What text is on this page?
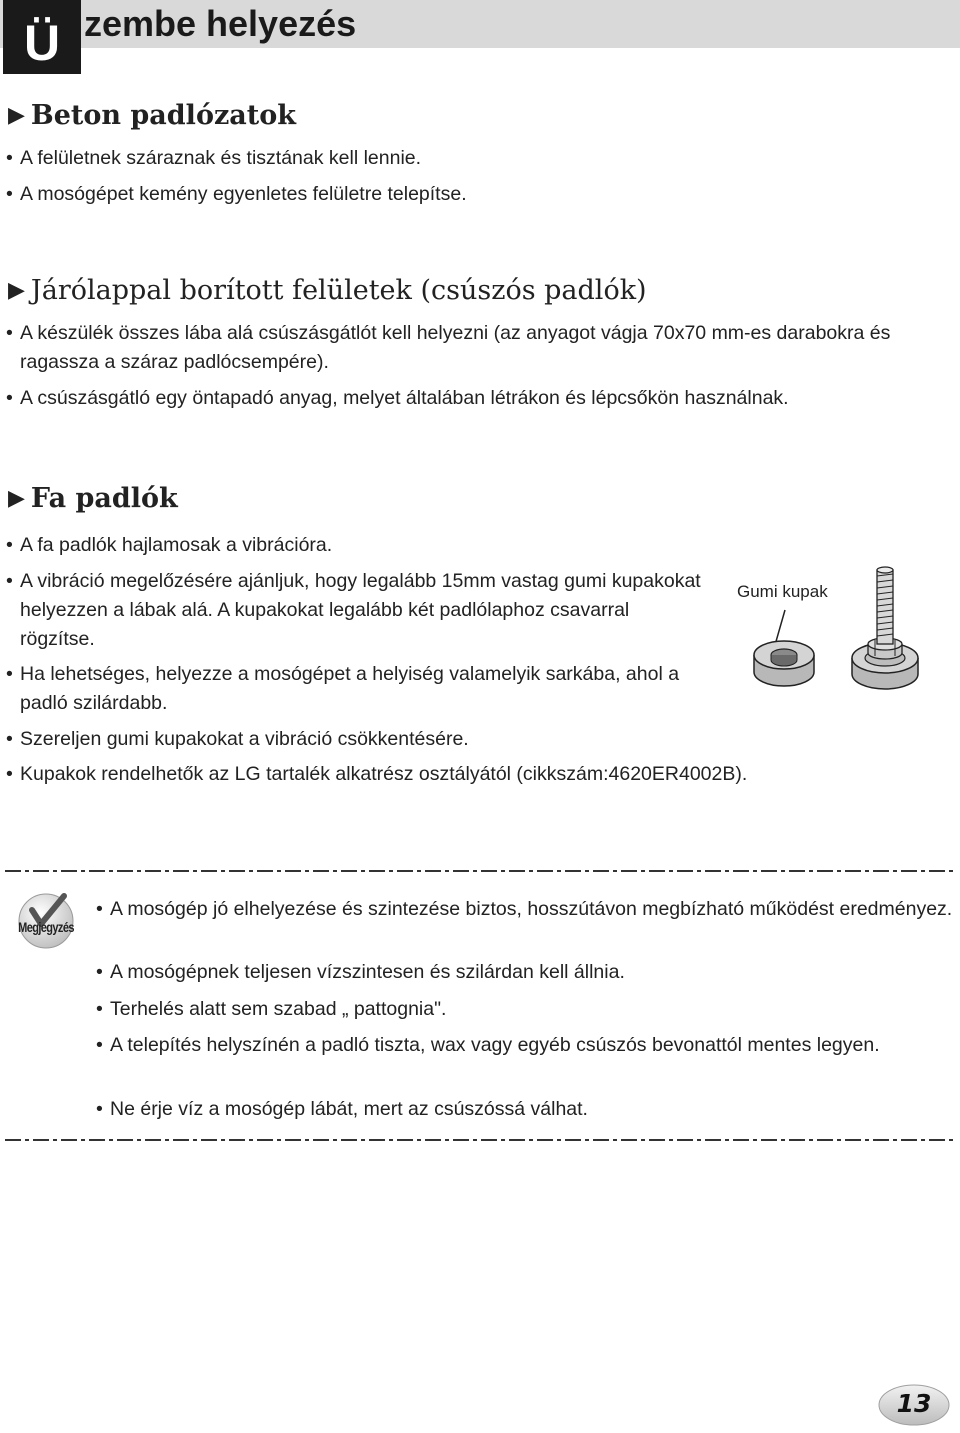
Ü zembe helyezés
▶ Beton padlózatok
• A felületnek száraznak és tisztának kell lennie.
• A mosógépet kemény egyenletes felületre telepítse.
▶ Járólappal borított felületek (csúszós padlók)
• A készülék összes lába alá csúszásgátlót kell helyezni (az anyagot vágja 70x70 mm-es darabokra és ragassza a száraz padlócsempére).
• A csúszásgátló egy öntapadó anyag, melyet általában létrákon és lépcsőkön használnak.
▶ Fa padlók
• A fa padlók hajlamosak a vibrációra.
• A vibráció megelőzésére ajánljuk, hogy legalább 15mm vastag gumi kupakokat helyezzen a lábak alá. A kupakokat legalább két padlólaphoz csavarral rögzítse.
• Ha lehetséges, helyezze a mosógépet a helyiség valamelyik sarkába, ahol a padló szilárdabb.
• Szereljen gumi kupakokat a vibráció csökkentésére.
• Kupakok rendelhetők az LG tartalék alkatrész osztályától (cikkszám:4620ER4002B).
Gumi kupak
Megjegyzés
• A mosógép jó elhelyezése és szintezése biztos, hosszútávon megbízható működést eredményez.
• A mosógépnek teljesen vízszintesen és szilárdan kell állnia.
• Terhelés alatt sem szabad „ pattognia".
• A telepítés helyszínén a padló tiszta, wax vagy egyéb csúszós bevonattól mentes legyen.
• Ne érje víz a mosógép lábát, mert az csúszóssá válhat.
13
